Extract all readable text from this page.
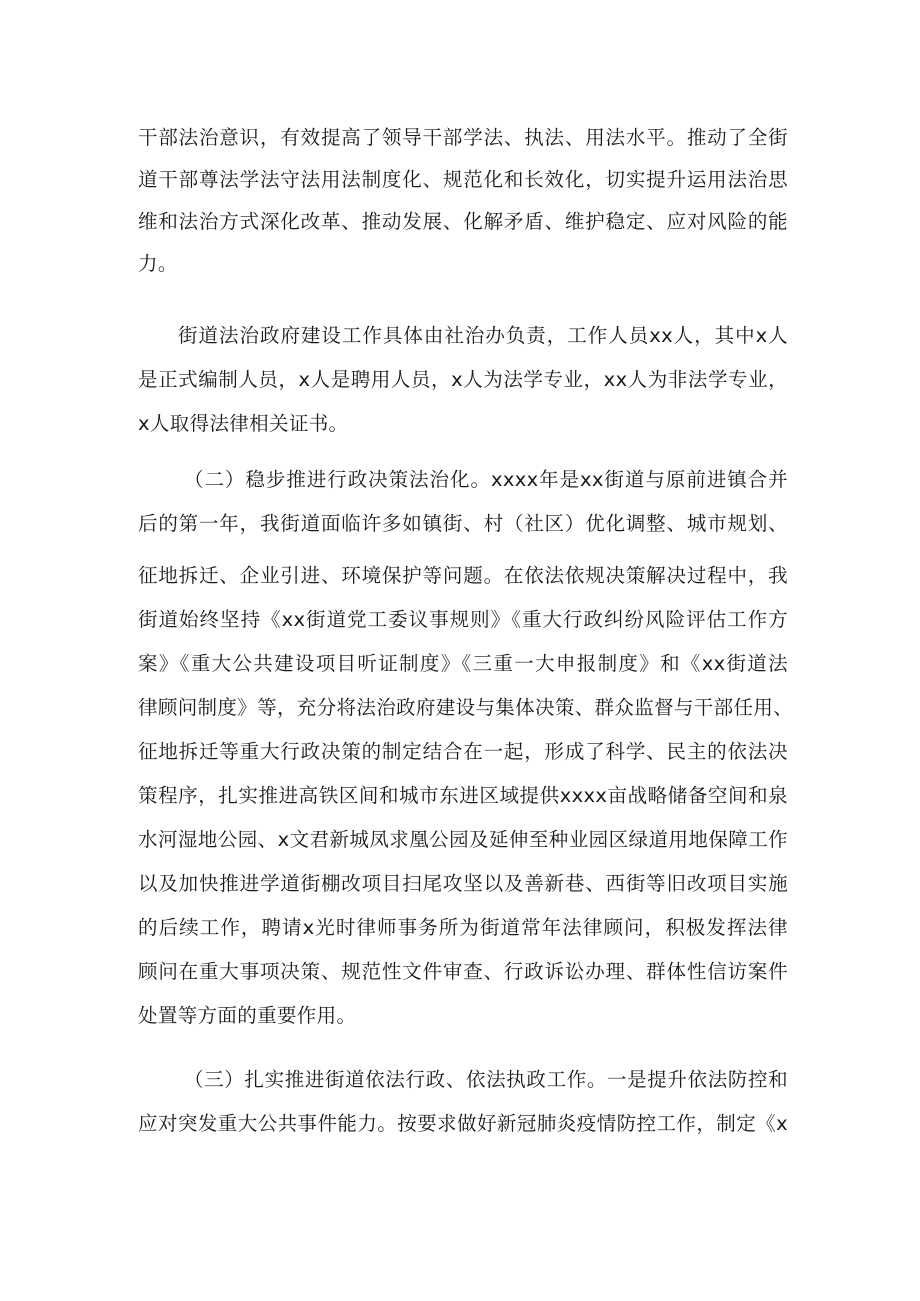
干部法治意识，有效提高了领导干部学法、执法、用法水平。推动了全街
道干部尊法学法守法用法制度化、规范化和长效化，切实提升运用法治思
维和法治方式深化改革、推动发展、化解矛盾、维护稳定、应对风险的能
力。
街道法治政府建设工作具体由社治办负责，工作人员xx人，其中x人
是正式编制人员，x人是聘用人员，x人为法学专业，xx人为非法学专业，
x人取得法律相关证书。
（二）稳步推进行政决策法治化。xxxx年是xx街道与原前进镇合并
后的第一年，我街道面临许多如镇街、村（社区）优化调整、城市规划、
征地拆迁、企业引进、环境保护等问题。在依法依规决策解决过程中，我
街道始终坚持《xx街道党工委议事规则》《重大行政纠纷风险评估工作方
案》《重大公共建设项目听证制度》《三重一大申报制度》和《xx街道法
律顾问制度》等，充分将法治政府建设与集体决策、群众监督与干部任用、
征地拆迁等重大行政决策的制定结合在一起，形成了科学、民主的依法决
策程序，扎实推进高铁区间和城市东进区域提供xxxx亩战略储备空间和泉
水河湿地公园、x文君新城凤求凰公园及延伸至种业园区绿道用地保障工作
以及加快推进学道街棚改项目扫尾攻坚以及善新巷、西街等旧改项目实施
的后续工作，聘请x光时律师事务所为街道常年法律顾问，积极发挥法律
顾问在重大事项决策、规范性文件审查、行政诉讼办理、群体性信访案件
处置等方面的重要作用。
（三）扎实推进街道依法行政、依法执政工作。一是提升依法防控和
应对突发重大公共事件能力。按要求做好新冠肺炎疫情防控工作，制定《x
